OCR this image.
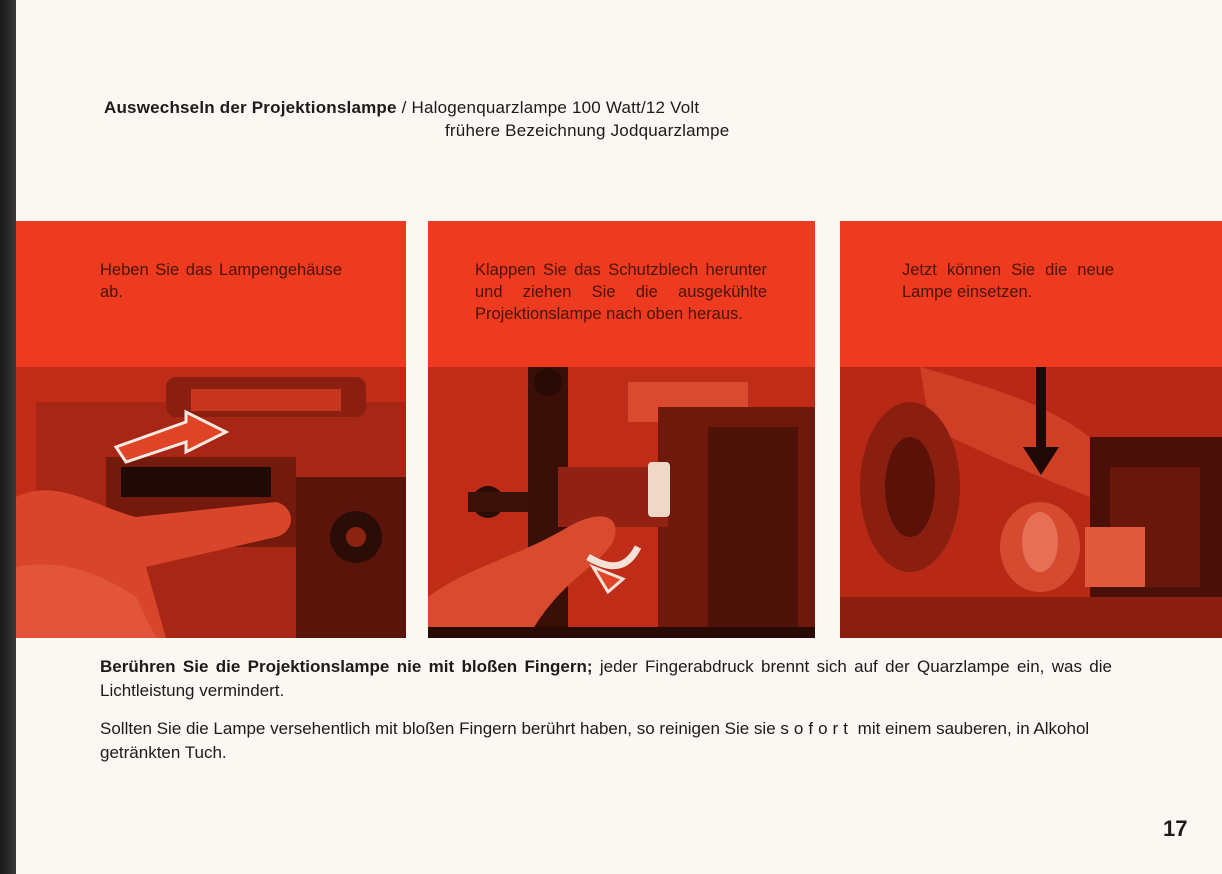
Auswechseln der Projektionslampe / Halogenquarzlampe 100 Watt/12 Volt
frühere Bezeichnung Jodquarzlampe
Heben Sie das Lampengehäuse ab.
Klappen Sie das Schutzblech herunter und ziehen Sie die ausgekühlte Projektionslampe nach oben heraus.
Jetzt können Sie die neue Lampe einsetzen.
Berühren Sie die Projektionslampe nie mit bloßen Fingern; jeder Fingerabdruck brennt sich auf der Quarzlampe ein, was die Lichtleistung vermindert.
Sollten Sie die Lampe versehentlich mit bloßen Fingern berührt haben, so reinigen Sie sie sofort mit einem sauberen, in Alkohol getränkten Tuch.
17
